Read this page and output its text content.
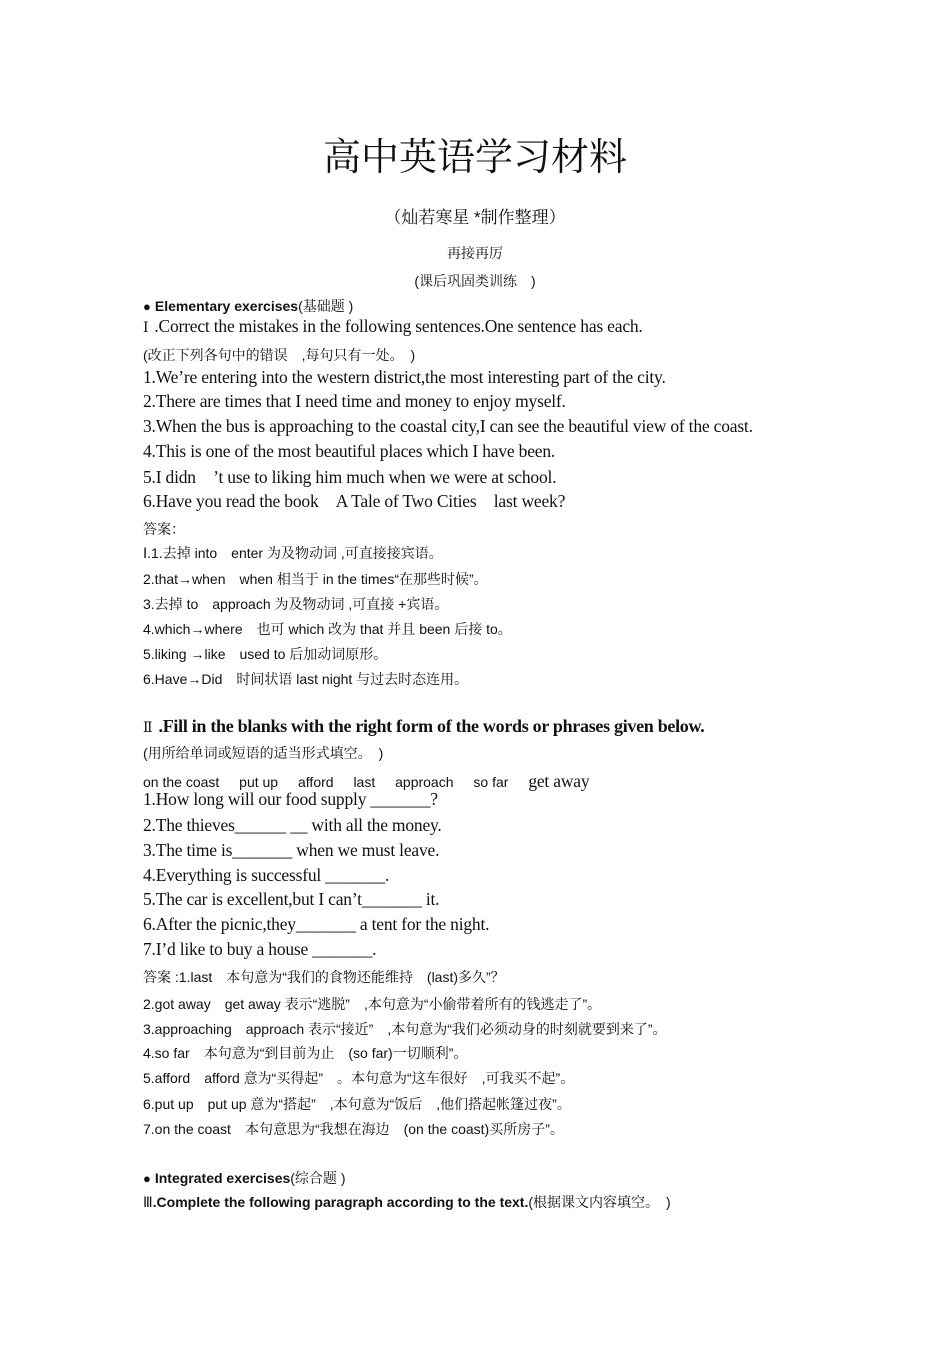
高中英语学习材料
（灿若寒星 *制作整理）
再接再厉
(课后巩固类训练　)
● Elementary exercises(基础题 )
Ⅰ .Correct the mistakes in the following sentences.One sentence has each.
(改正下列各句中的错误　,每句只有一处。　)
1.We’re entering into the western district,the most interesting part of the city.
2.There are times that I need time and money to enjoy myself.
3.When the bus is approaching to the coastal city,I can see the beautiful view of the coast.
4.This is one of the most beautiful places which I have been.
5.I didn　’t use to liking him much when we were at school.
6.Have you read the book　A Tale of Two Cities　last week?
答案：
Ⅰ.1.去掉 into　enter 为及物动词 ,可直接接宾语。
2.that→when　when 相当于 in the times“在那些时候”。
3.去掉 to　approach 为及物动词 ,可直接 +宾语。
4.which→where　也可 which 改为 that 并且 been 后接 to。
5.liking →like　used to 后加动词原形。
6.Have→Did　时间状语 last night 与过去时态连用。
Ⅱ .Fill in the blanks with the right form of the words or phrases given below.
(用所给单词或短语的适当形式填空。　)
on the coast put up afford last approach so far get away
1.How long will our food supply _______?
2.The thieves______ __ with all the money.
3.The time is_______ when we must leave.
4.Everything is successful _______.
5.The car is excellent,but I can’t_______ it.
6.After the picnic,they_______ a tent for the night.
7.I’d like to buy a house _______.
答案 :1.last　本句意为“我们的食物还能维持　(last)多久”？
2.got away　get away 表示“逃脱”　,本句意为“小偷带着所有的钱逃走了”。
3.approaching　approach 表示“接近”　,本句意为“我们必须动身的时刻就要到来了”。
4.so far　本句意为“到目前为止　(so far)一切顺利”。
5.afford　afford 意为“买得起”　。本句意为“这车很好　,可我买不起”。
6.put up　put up 意为“搭起”　,本句意为“饭后　,他们搭起帐篷过夜”。
7.on the coast　本句意思为“我想在海边　(on the coast)买所房子”。
● Integrated exercises(综合题 )
Ⅲ.Complete the following paragraph according to the text.(根据课文内容填空。　)
